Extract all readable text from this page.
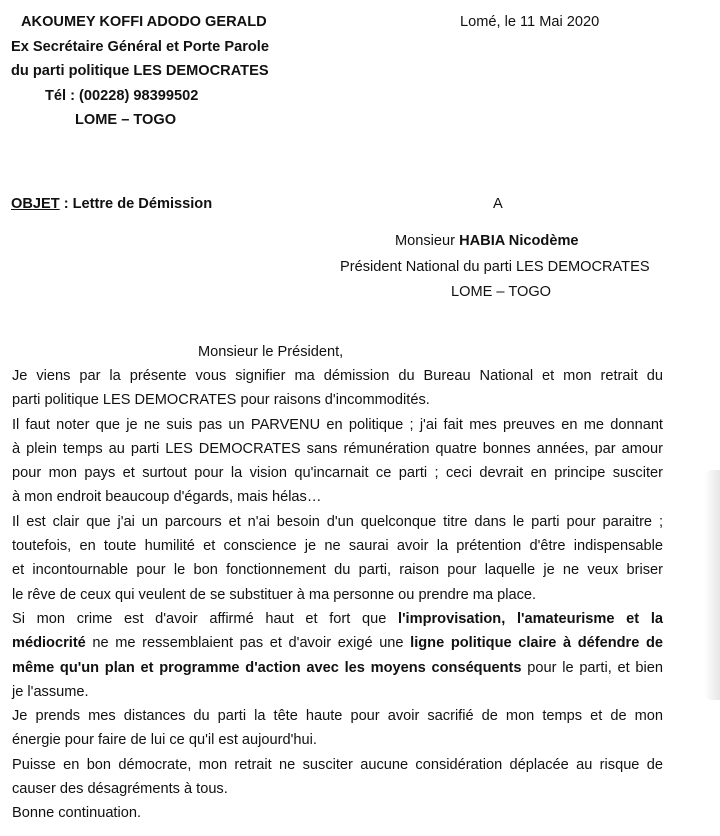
AKOUMEY KOFFI ADODO GERALD
Ex Secrétaire Général et Porte Parole
du parti politique LES DEMOCRATES
Tél : (00228) 98399502
LOME – TOGO
Lomé, le 11 Mai 2020
OBJET : Lettre de Démission	A
Monsieur HABIA Nicodème
Président National du parti LES DEMOCRATES
LOME – TOGO
Monsieur le Président,

Je viens par la présente vous signifier ma démission du Bureau National et mon retrait du

parti politique LES DEMOCRATES pour raisons d'incommodités.

Il faut noter que je ne suis pas un PARVENU en politique ; j'ai fait mes preuves en me donnant

à plein temps au parti LES DEMOCRATES sans rémunération quatre bonnes années, par amour

pour mon pays et surtout pour la vision qu'incarnait ce parti ; ceci devrait en principe susciter

à mon endroit beaucoup d'égards, mais hélas…

Il est clair que j'ai un parcours et n'ai besoin d'un quelconque titre dans le parti pour paraitre ;

toutefois, en toute humilité et conscience je ne saurai avoir la prétention d'être indispensable

et incontournable pour le bon fonctionnement du parti, raison pour laquelle je ne veux briser

le rêve de ceux qui veulent de se substituer à ma personne ou prendre ma place.

Si mon crime est d'avoir affirmé haut et fort que l'improvisation, l'amateurisme et la

médiocrité ne me ressemblaient pas et d'avoir exigé une ligne politique claire à défendre de

même qu'un plan et programme d'action avec les moyens conséquents pour le parti, et bien

je l'assume.

Je prends mes distances du parti la tête haute pour avoir sacrifié de mon temps et de mon

énergie pour faire de lui ce qu'il est aujourd'hui.

Puisse en bon démocrate, mon retrait ne susciter aucune considération déplacée au risque de

causer des désagréments à tous.

Bonne continuation.
